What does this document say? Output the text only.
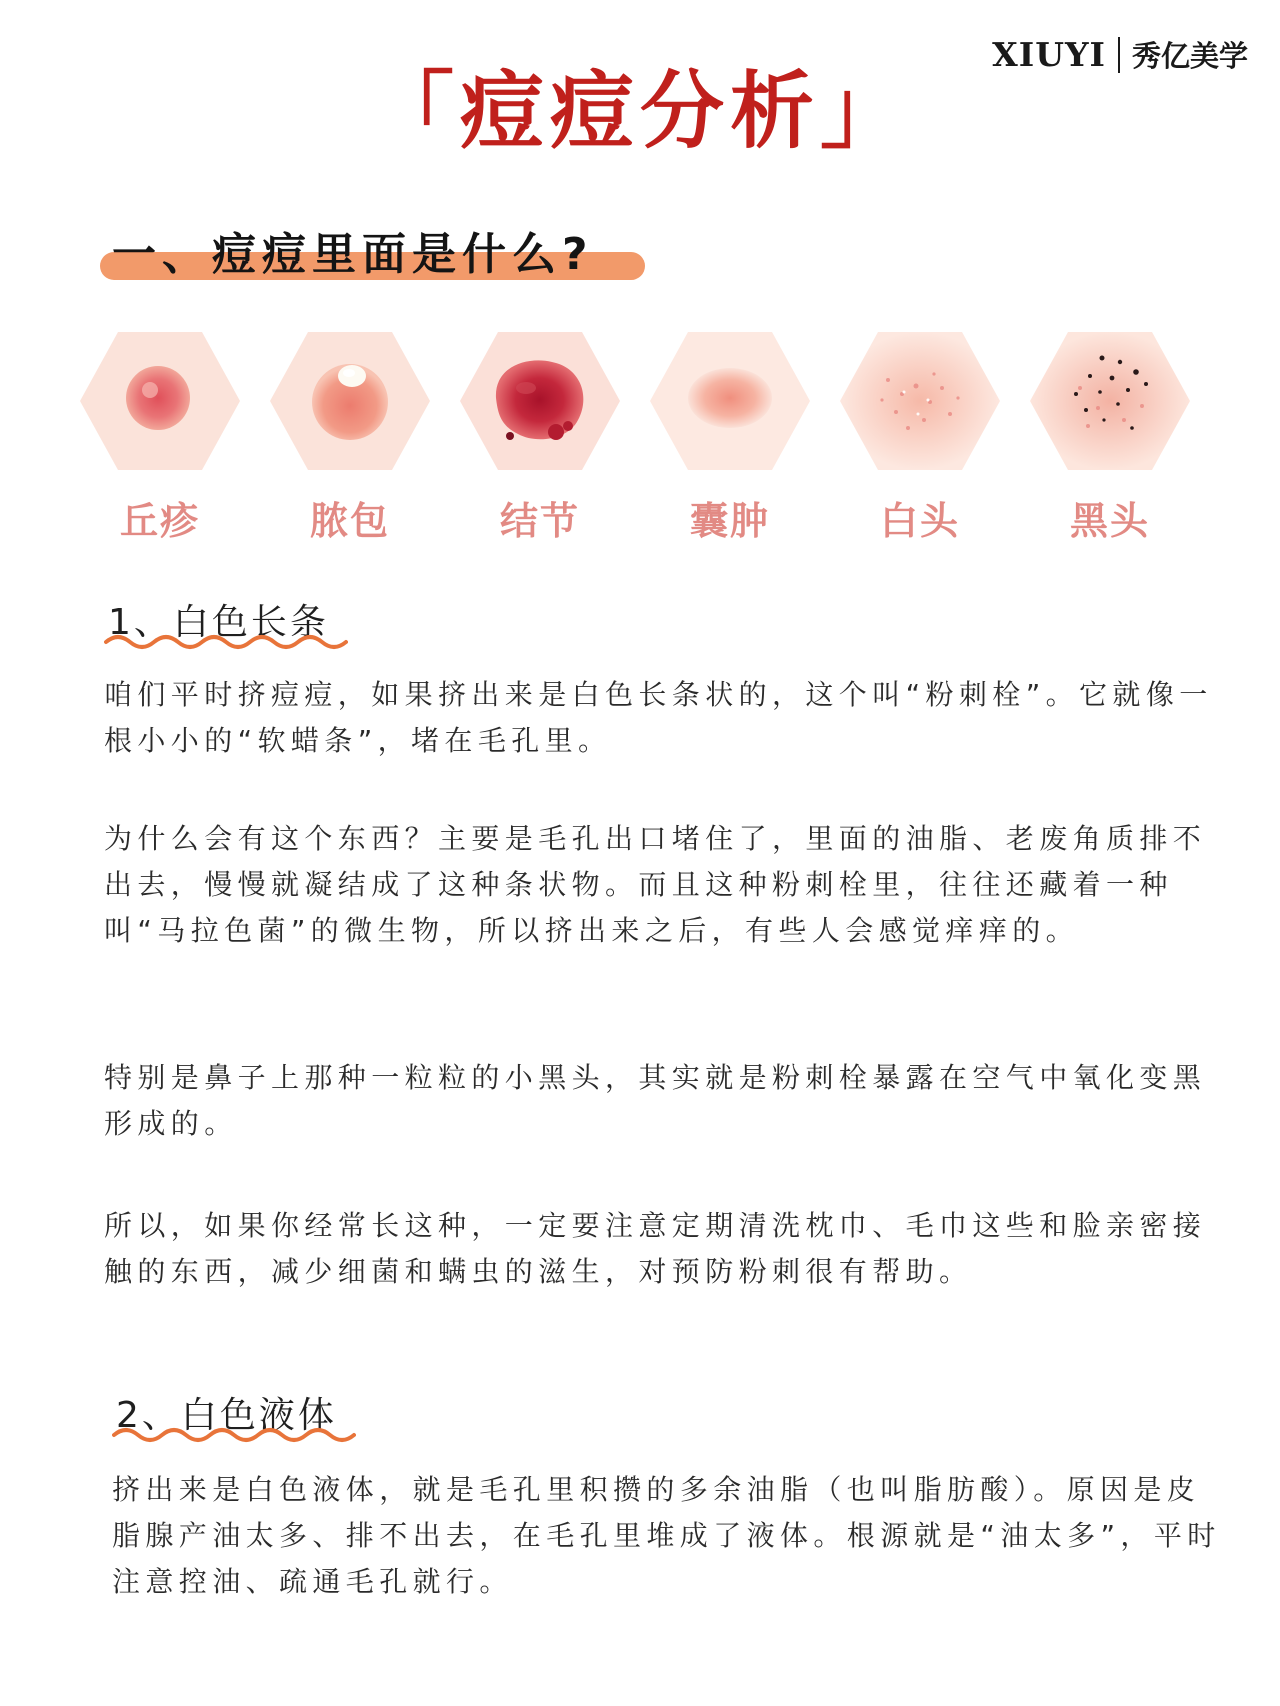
XIUYI 秀亿美学
「痘痘分析」
一、痘痘里面是什么?
丘疹	脓包	结节	囊肿	白头	黑头
1、白色长条

咱们平时挤痘痘，如果挤出来是白色长条状的，这个叫“粉刺栓”。它就像一根小小的“软蜡条”，堵在毛孔里。

为什么会有这个东西？主要是毛孔出口堵住了，里面的油脂、老废角质排不出去，慢慢就凝结成了这种条状物。而且这种粉刺栓里，往往还藏着一种叫“马拉色菌”的微生物，所以挤出来之后，有些人会感觉痒痒的。

特别是鼻子上那种一粒粒的小黑头，其实就是粉刺栓暴露在空气中氧化变黑形成的。

所以，如果你经常长这种，一定要注意定期清洗枕巾、毛巾这些和脸亲密接触的东西，减少细菌和螨虫的滋生，对预防粉刺很有帮助。

2、白色液体

挤出来是白色液体，就是毛孔里积攒的多余油脂（也叫脂肪酸）。原因是皮脂腺产油太多、排不出去，在毛孔里堆成了液体。根源就是“油太多”，平时注意控油、疏通毛孔就行。
